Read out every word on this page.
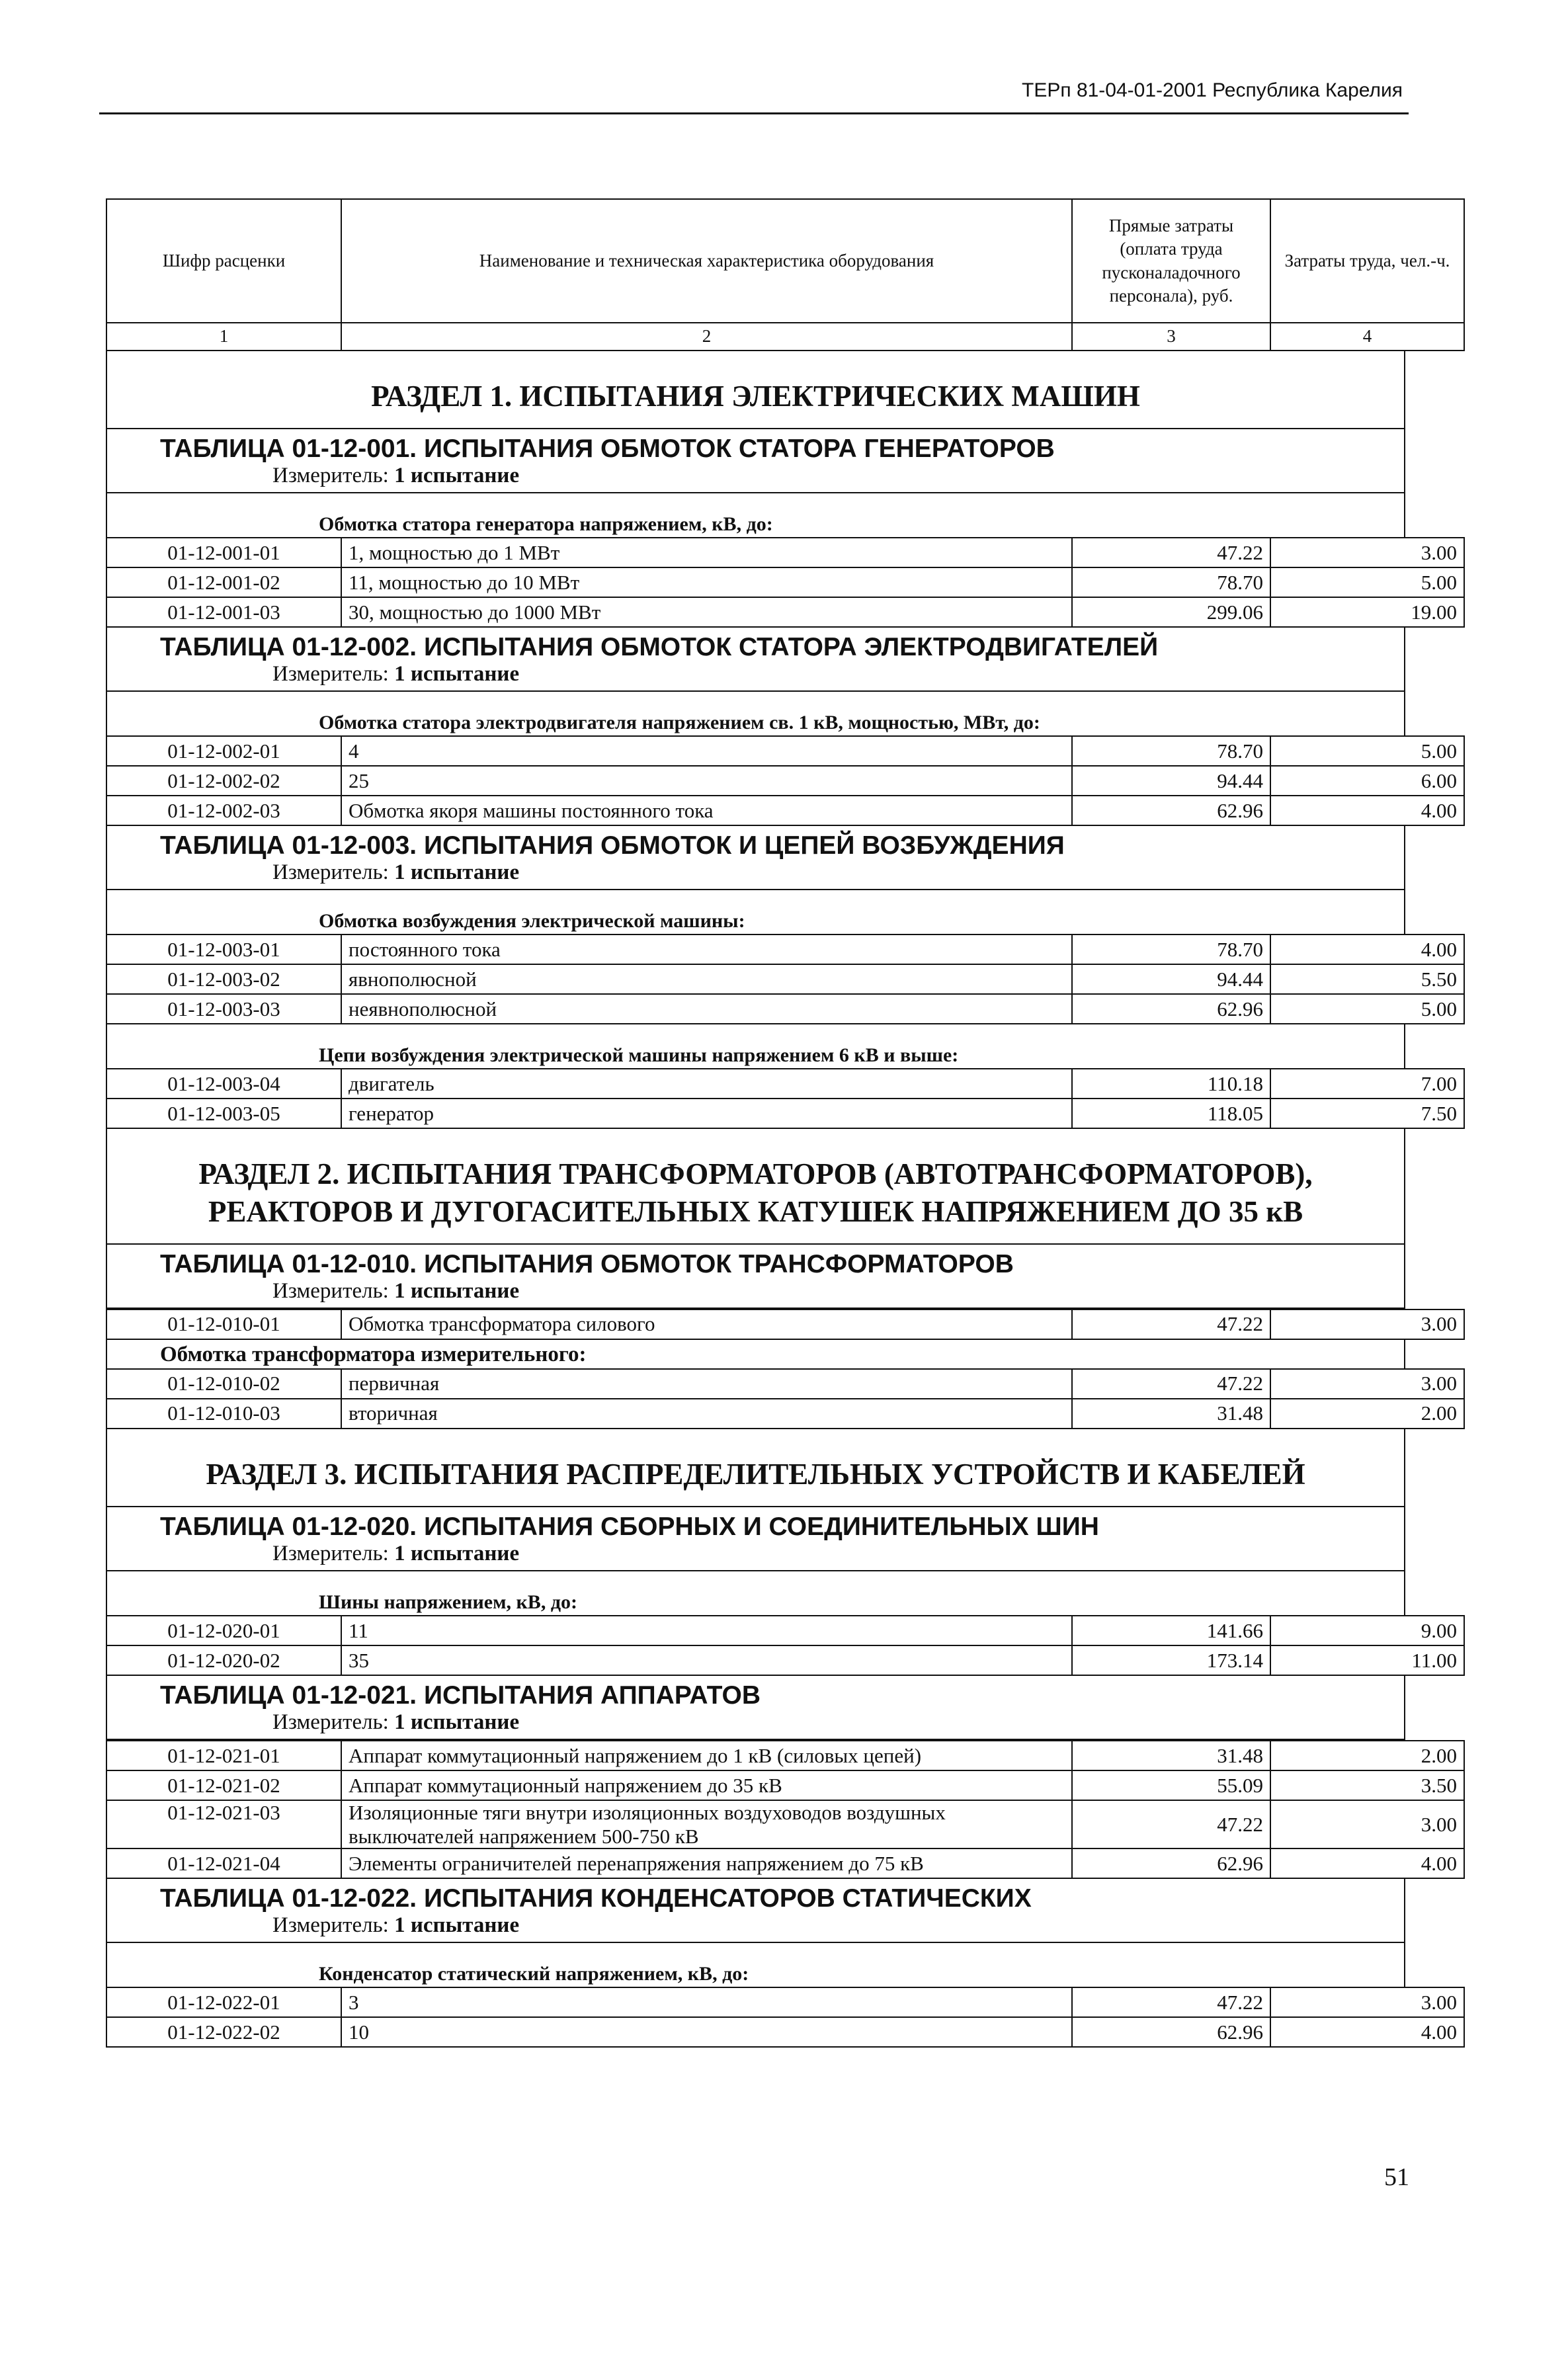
ТЕРп 81-04-01-2001 Республика Карелия
Шифр расценки	Наименование и техническая характеристика оборудования	Прямые затраты (оплата труда пусконаладочного персонала), руб.	Затраты труда, чел.-ч.
1	2	3	4
РАЗДЕЛ 1. ИСПЫТАНИЯ ЭЛЕКТРИЧЕСКИХ МАШИН
ТАБЛИЦА 01-12-001. ИСПЫТАНИЯ ОБМОТОК СТАТОРА ГЕНЕРАТОРОВ
Измеритель: 1 испытание
Обмотка статора генератора напряжением, кВ, до:
01-12-001-01	1, мощностью до 1 МВт	47.22	3.00
01-12-001-02	11, мощностью до 10 МВт	78.70	5.00
01-12-001-03	30, мощностью до 1000 МВт	299.06	19.00
ТАБЛИЦА 01-12-002. ИСПЫТАНИЯ ОБМОТОК СТАТОРА ЭЛЕКТРОДВИГАТЕЛЕЙ
Измеритель: 1 испытание
Обмотка статора электродвигателя напряжением св. 1 кВ, мощностью, МВт, до:
01-12-002-01	4	78.70	5.00
01-12-002-02	25	94.44	6.00
01-12-002-03	Обмотка якоря машины постоянного тока	62.96	4.00
ТАБЛИЦА 01-12-003. ИСПЫТАНИЯ ОБМОТОК И ЦЕПЕЙ ВОЗБУЖДЕНИЯ
Измеритель: 1 испытание
Обмотка возбуждения электрической машины:
01-12-003-01	постоянного тока	78.70	4.00
01-12-003-02	явнополюсной	94.44	5.50
01-12-003-03	неявнополюсной	62.96	5.00
Цепи возбуждения электрической машины напряжением 6 кВ и выше:
01-12-003-04	двигатель	110.18	7.00
01-12-003-05	генератор	118.05	7.50
РАЗДЕЛ 2. ИСПЫТАНИЯ ТРАНСФОРМАТОРОВ (АВТОТРАНСФОРМАТОРОВ),
РЕАКТОРОВ И ДУГОГАСИТЕЛЬНЫХ КАТУШЕК НАПРЯЖЕНИЕМ ДО 35 кВ
ТАБЛИЦА 01-12-010. ИСПЫТАНИЯ ОБМОТОК ТРАНСФОРМАТОРОВ
Измеритель: 1 испытание
01-12-010-01	Обмотка трансформатора силового	47.22	3.00
Обмотка трансформатора измерительного:
01-12-010-02	первичная	47.22	3.00
01-12-010-03	вторичная	31.48	2.00
РАЗДЕЛ 3. ИСПЫТАНИЯ РАСПРЕДЕЛИТЕЛЬНЫХ УСТРОЙСТВ И КАБЕЛЕЙ
ТАБЛИЦА 01-12-020. ИСПЫТАНИЯ СБОРНЫХ И СОЕДИНИТЕЛЬНЫХ ШИН
Измеритель: 1 испытание
Шины напряжением, кВ, до:
01-12-020-01	11	141.66	9.00
01-12-020-02	35	173.14	11.00
ТАБЛИЦА 01-12-021. ИСПЫТАНИЯ АППАРАТОВ
Измеритель: 1 испытание
01-12-021-01	Аппарат коммутационный напряжением до 1 кВ (силовых цепей)	31.48	2.00
01-12-021-02	Аппарат коммутационный напряжением до 35 кВ	55.09	3.50
01-12-021-03	Изоляционные тяги внутри изоляционных воздуховодов воздушных выключателей напряжением 500-750 кВ	47.22	3.00
01-12-021-04	Элементы ограничителей перенапряжения напряжением до 75 кВ	62.96	4.00
ТАБЛИЦА 01-12-022. ИСПЫТАНИЯ КОНДЕНСАТОРОВ СТАТИЧЕСКИХ
Измеритель: 1 испытание
Конденсатор статический напряжением, кВ, до:
01-12-022-01	3	47.22	3.00
01-12-022-02	10	62.96	4.00
51
